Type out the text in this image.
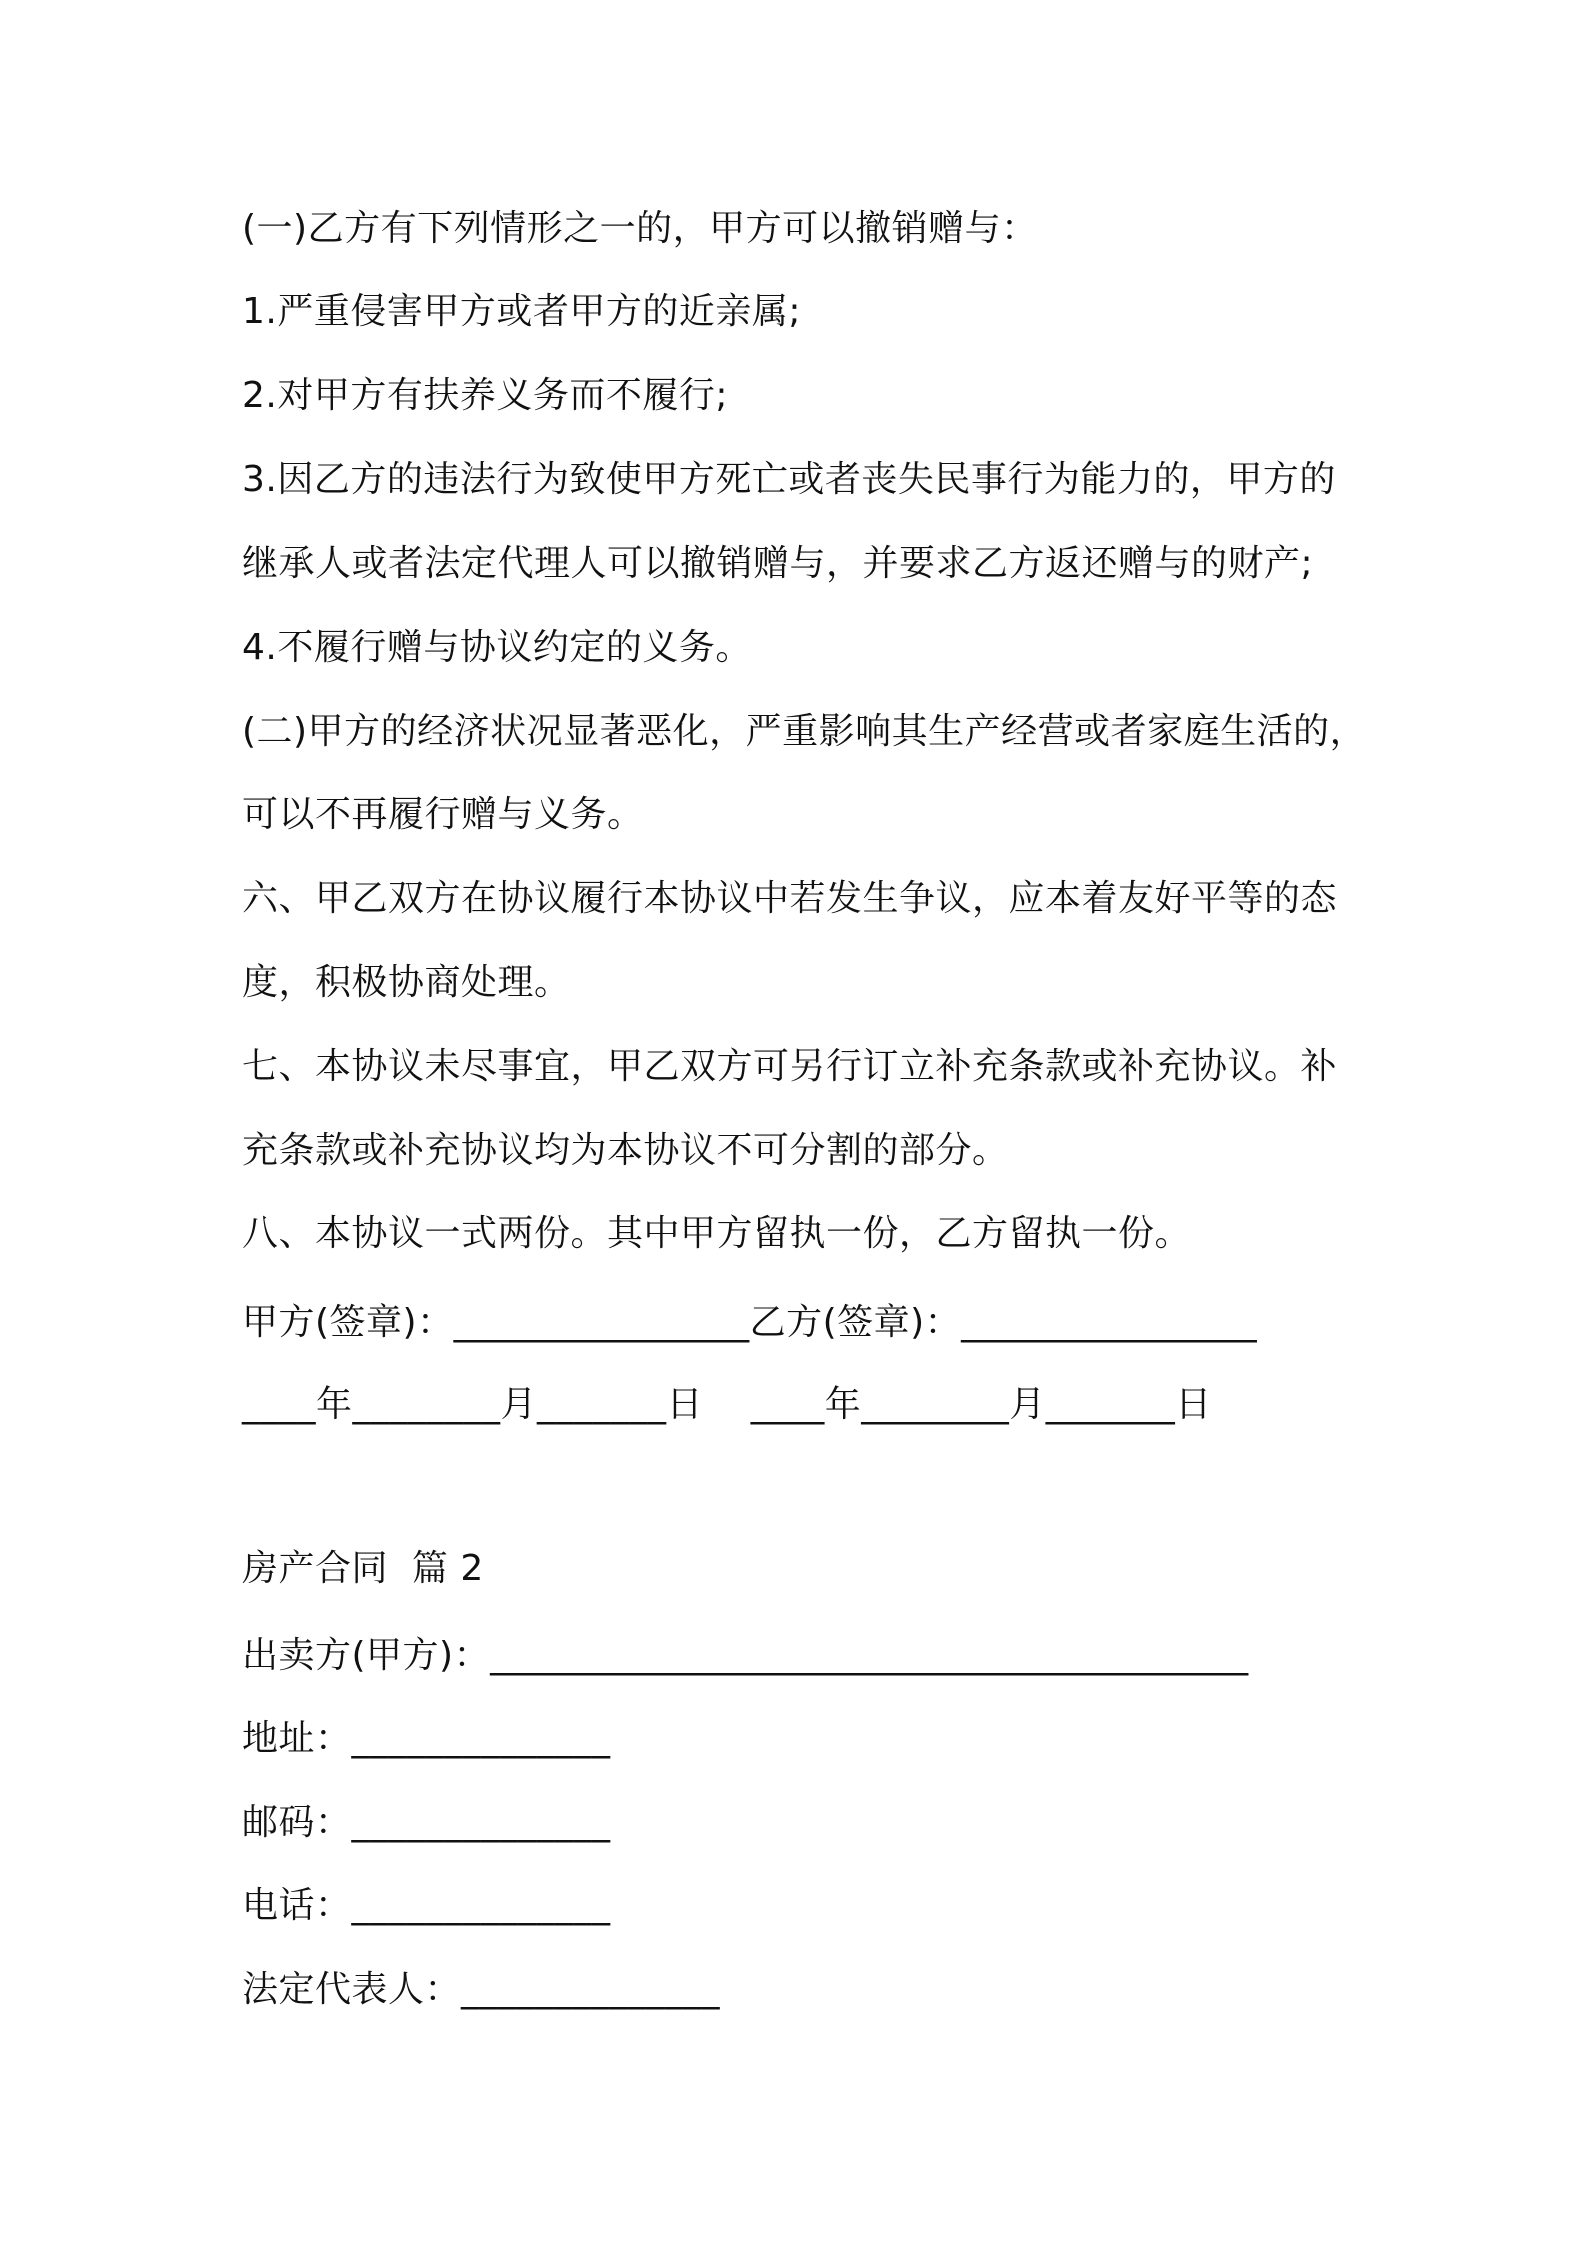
(一)乙方有下列情形之一的，甲方可以撤销赠与：
1.严重侵害甲方或者甲方的近亲属;
2.对甲方有扶养义务而不履行;
3.因乙方的违法行为致使甲方死亡或者丧失民事行为能力的，甲方的
继承人或者法定代理人可以撤销赠与，并要求乙方返还赠与的财产;
4.不履行赠与协议约定的义务。
(二)甲方的经济状况显著恶化，严重影响其生产经营或者家庭生活的，
可以不再履行赠与义务。
六、甲乙双方在协议履行本协议中若发生争议，应本着友好平等的态
度，积极协商处理。
七、本协议未尽事宜，甲乙双方可另行订立补充条款或补充协议。补
充条款或补充协议均为本协议不可分割的部分。
八、本协议一式两份。其中甲方留执一份，乙方留执一份。
甲方(签章)：________________乙方(签章)：________________
____年________月_______日    ____年________月_______日
房产合同  篇 2
出卖方(甲方)：_________________________________________
地址：______________
邮码：______________
电话：______________
法定代表人：______________
